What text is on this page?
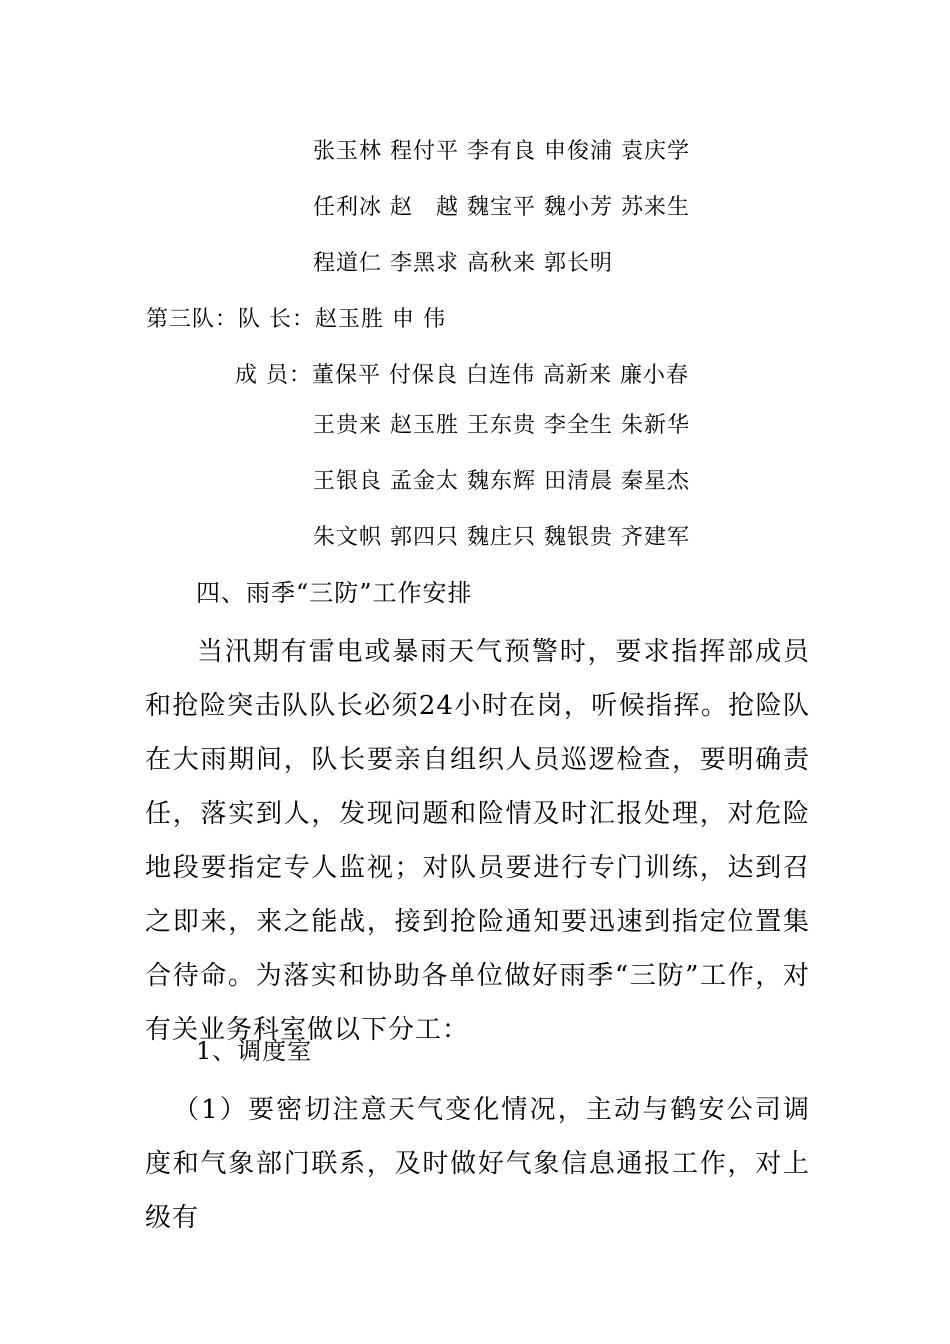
张玉林 程付平 李有良 申俊浦 袁庆学

任利冰 赵　越 魏宝平 魏小芳 苏来生

程道仁 李黑求 高秋来 郭长明

第三队：队 长：赵玉胜 申 伟

成 员：董保平 付保良 白连伟 高新来 廉小春

王贵来 赵玉胜 王东贵 李全生 朱新华

王银良 孟金太 魏东辉 田清晨 秦星杰

朱文帜 郭四只 魏庄只 魏银贵 齐建军

四、雨季“三防”工作安排

当汛期有雷电或暴雨天气预警时，要求指挥部成员和抢险突击队队长必须24小时在岗，听候指挥。抢险队在大雨期间，队长要亲自组织人员巡逻检查，要明确责任，落实到人，发现问题和险情及时汇报处理，对危险地段要指定专人监视；对队员要进行专门训练，达到召之即来，来之能战，接到抢险通知要迅速到指定位置集合待命。为落实和协助各单位做好雨季“三防”工作，对有关业务科室做以下分工：

1、调度室

（1）要密切注意天气变化情况，主动与鹤安公司调度和气象部门联系，及时做好气象信息通报工作，对上级有
